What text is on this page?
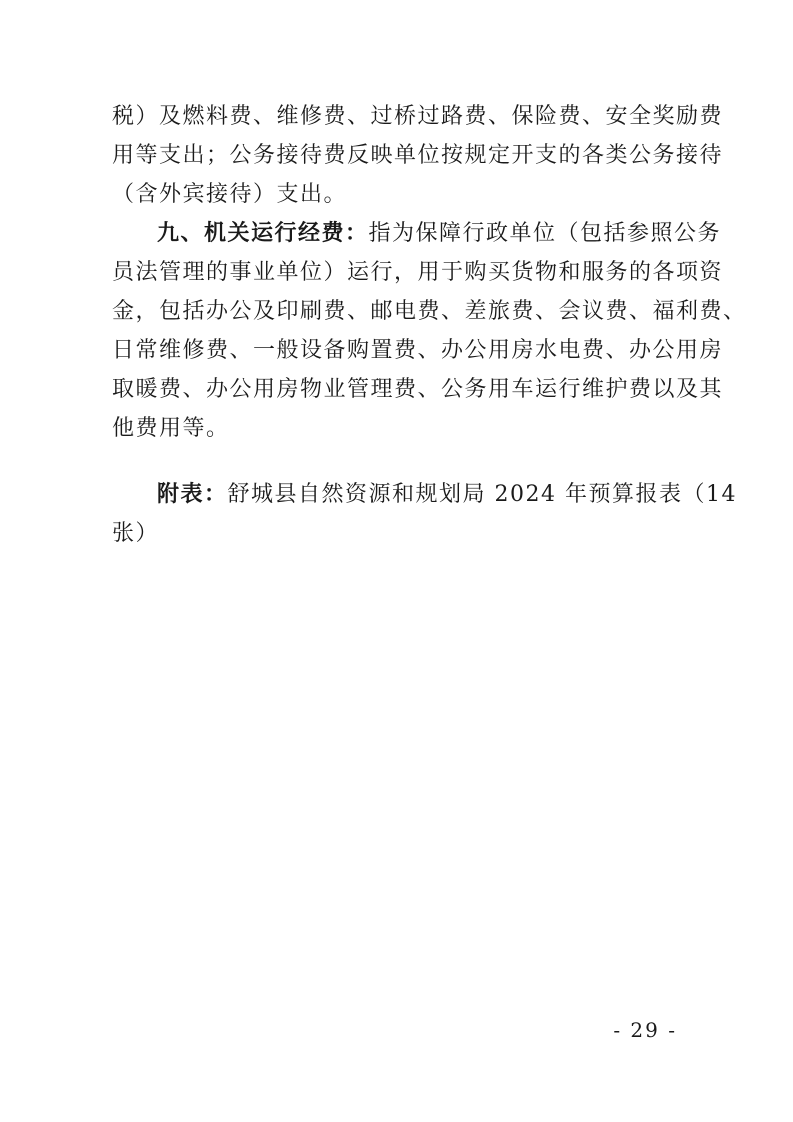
税）及燃料费、维修费、过桥过路费、保险费、安全奖励费
用等支出；公务接待费反映单位按规定开支的各类公务接待
（含外宾接待）支出。
九、机关运行经费：指为保障行政单位（包括参照公务
员法管理的事业单位）运行，用于购买货物和服务的各项资
金，包括办公及印刷费、邮电费、差旅费、会议费、福利费、
日常维修费、一般设备购置费、办公用房水电费、办公用房
取暖费、办公用房物业管理费、公务用车运行维护费以及其
他费用等。
附表：舒城县自然资源和规划局 2024 年预算报表（14
张）
- 29 -
